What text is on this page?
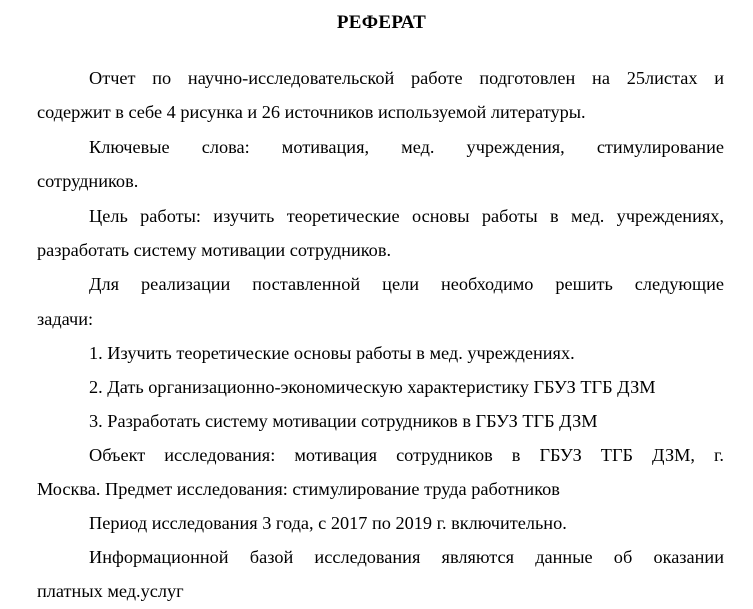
РЕФЕРАТ
Отчет по научно-исследовательской работе подготовлен на 25листах и
содержит в себе 4 рисунка и 26 источников используемой литературы.
Ключевые слова: мотивация, мед. учреждения, стимулирование
сотрудников.
Цель работы: изучить теоретические основы работы в мед. учреждениях,
разработать систему мотивации сотрудников.
Для реализации поставленной цели необходимо решить следующие
задачи:
1. Изучить теоретические основы работы в мед. учреждениях.
2. Дать организационно-экономическую характеристику ГБУЗ ТГБ ДЗМ
3. Разработать систему мотивации сотрудников в ГБУЗ ТГБ ДЗМ
Объект исследования: мотивация сотрудников в ГБУЗ ТГБ ДЗМ, г.
Москва. Предмет исследования: стимулирование труда работников
Период исследования 3 года, с 2017 по 2019 г. включительно.
Информационной базой исследования являются данные об оказании
платных мед.услуг
